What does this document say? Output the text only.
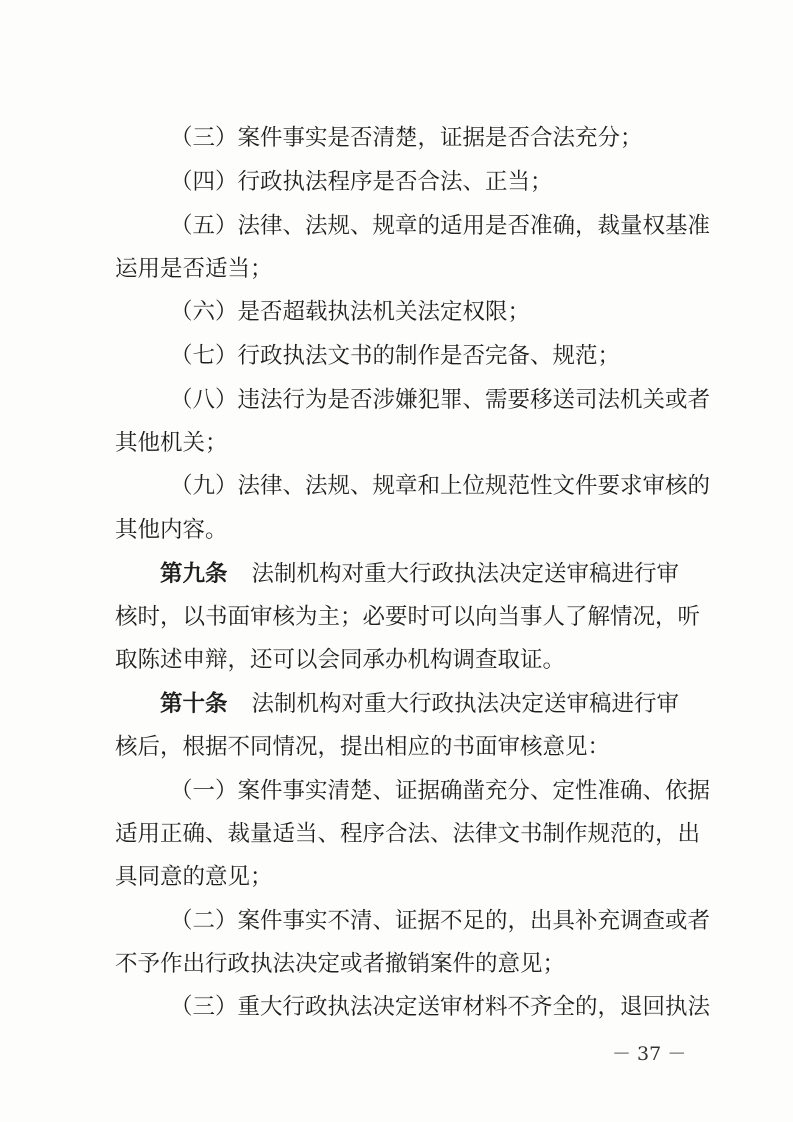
（三）案件事实是否清楚，证据是否合法充分；
（四）行政执法程序是否合法、正当；
（五）法律、法规、规章的适用是否准确，裁量权基准
运用是否适当；
（六）是否超载执法机关法定权限；
（七）行政执法文书的制作是否完备、规范；
（八）违法行为是否涉嫌犯罪、需要移送司法机关或者
其他机关；
（九）法律、法规、规章和上位规范性文件要求审核的
其他内容。
第九条 法制机构对重大行政执法决定送审稿进行审
核时，以书面审核为主；必要时可以向当事人了解情况，听
取陈述申辩，还可以会同承办机构调查取证。
第十条 法制机构对重大行政执法决定送审稿进行审
核后，根据不同情况，提出相应的书面审核意见：
（一）案件事实清楚、证据确凿充分、定性准确、依据
适用正确、裁量适当、程序合法、法律文书制作规范的，出
具同意的意见；
（二）案件事实不清、证据不足的，出具补充调查或者
不予作出行政执法决定或者撤销案件的意见；
（三）重大行政执法决定送审材料不齐全的，退回执法
－ 37 －
